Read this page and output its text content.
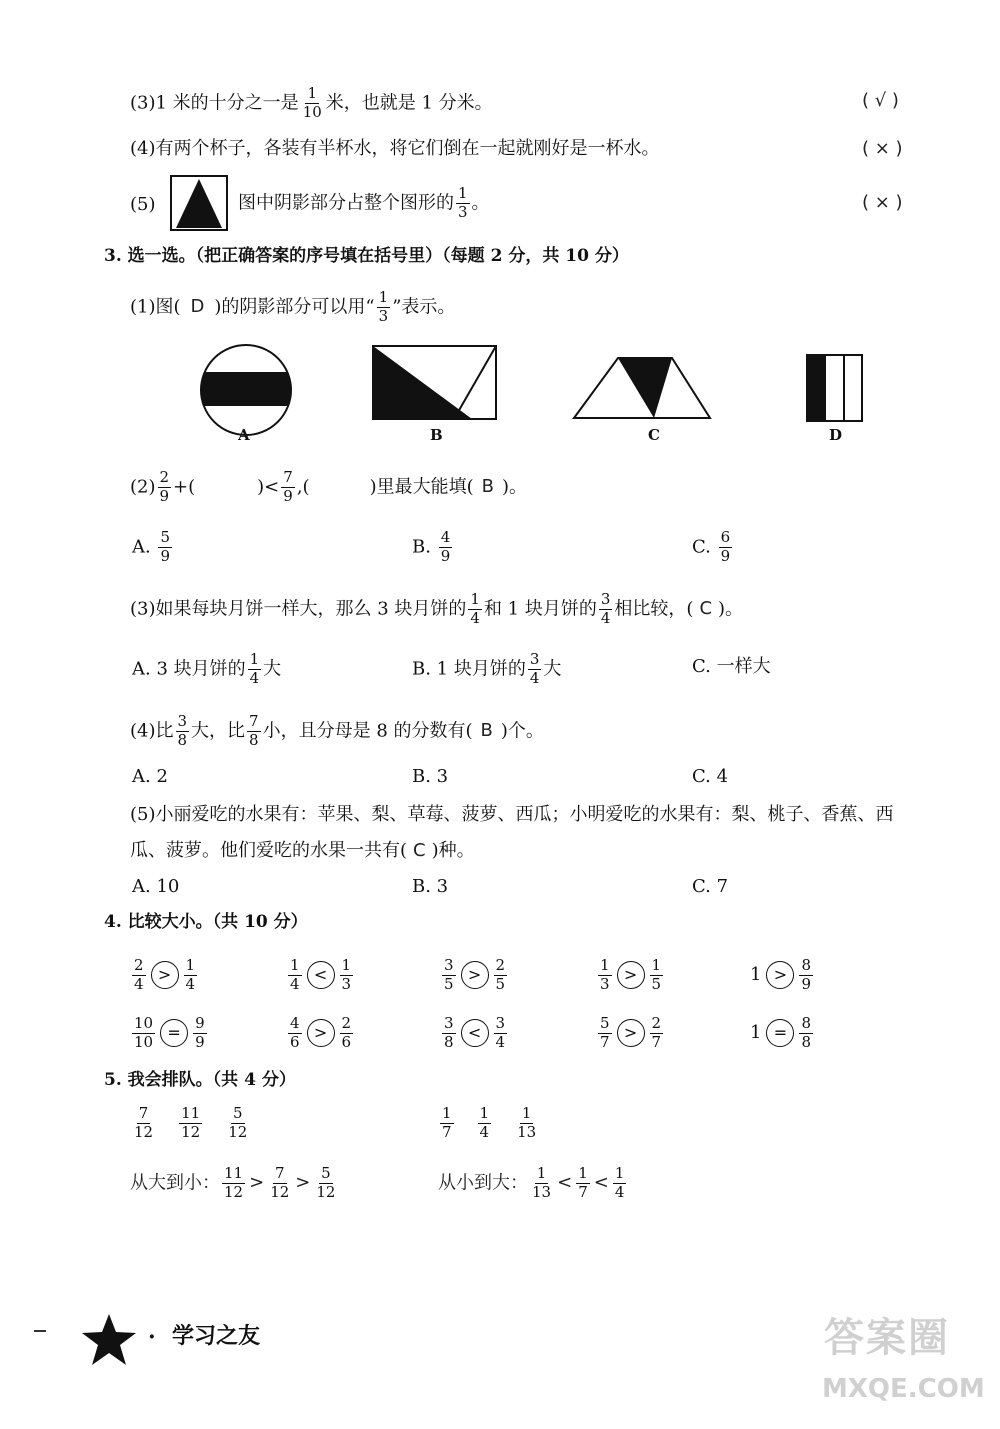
(3)1 米的十分之一是 $\frac{1}{10}$ 米，也就是 1 分米。	( √ )
(4)有两个杯子，各装有半杯水，将它们倒在一起就刚好是一杯水。	( × )
(5)	图中阴影部分占整个图形的 $\frac{1}{3}$ 。	( × )
3. 选一选。（把正确答案的序号填在括号里）（每题 2 分，共 10 分）
(1)图( D )的阴影部分可以用“ $\frac{1}{3}$ ”表示。
A	B	C	D
$(2) \frac{2}{9}$ +(	)< $\frac{7}{9}$ ,(	)里最大能填( B )。
A. $\frac{5}{9}$	B. $\frac{4}{9}$	C. $\frac{6}{9}$
(3)如果每块月饼一样大，那么 3 块月饼的 $\frac{1}{4}$ 和 1 块月饼的 $\frac{3}{4}$ 相比较，( C )。
A. 3 块月饼的 $\frac{1}{4}$ 大	B. 1 块月饼的 $\frac{3}{4}$ 大	C. 一样大
(4)比 $\frac{3}{8}$ 大，比 $\frac{7}{8}$ 小，且分母是 8 的分数有( B )个。
A. 2	B. 3	C. 4
(5)小丽爱吃的水果有：苹果、梨、草莓、菠萝、西瓜；小明爱吃的水果有：梨、桃子、香蕉、西
瓜、菠萝。他们爱吃的水果一共有( C )种。
A. 10	B. 3	C. 7
4. 比较大小。（共 10 分）
$\frac{2}{4} > \frac{1}{4}$	$\frac{1}{4} < \frac{1}{3}$	$\frac{3}{5} > \frac{2}{5}$	$\frac{1}{3} > \frac{1}{5}$	$1 > \frac{8}{9}$
$\frac{10}{10} = \frac{9}{9}$	$\frac{4}{6} > \frac{2}{6}$	$\frac{3}{8} < \frac{3}{4}$	$\frac{5}{7} > \frac{2}{7}$	$1 = \frac{8}{8}$
5. 我会排队。（共 4 分）
$\frac{7}{12} \frac{11}{12} \frac{5}{12}$	$\frac{1}{7} \frac{1}{4} \frac{1}{13}$
从大到小： $\frac{11}{12} > \frac{7}{12} > \frac{5}{12}$	从小到大： $\frac{1}{13} < \frac{1}{7} < \frac{1}{4}$
· 学习之友	答案圈
MXQE.COM
